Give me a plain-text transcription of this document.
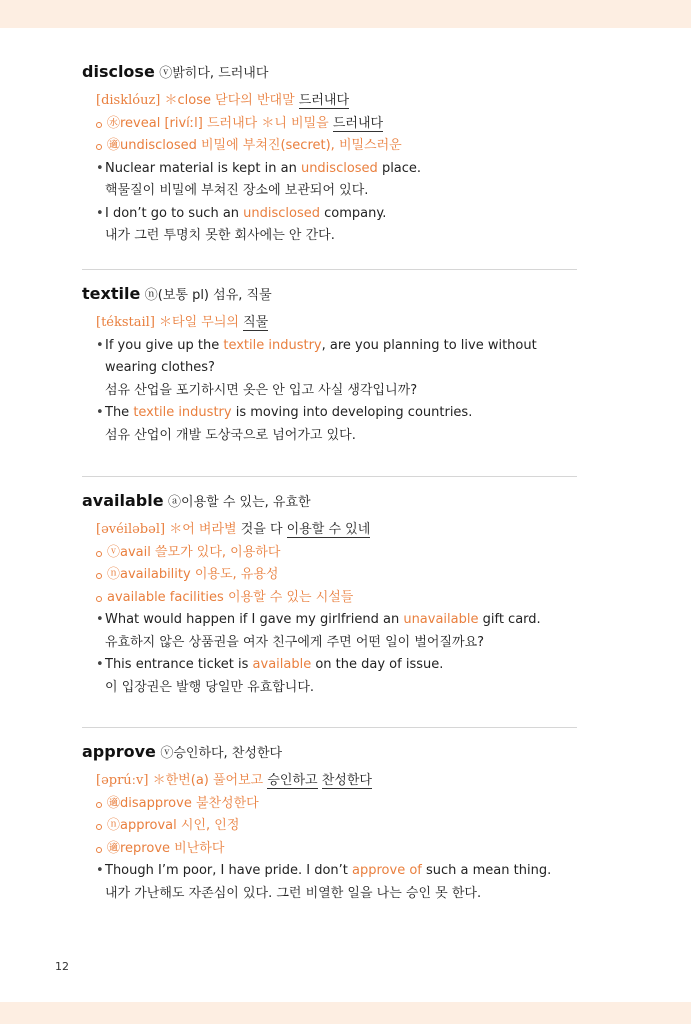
disclose ⓥ밝히다, 드러내다
[disklóuz] ＊close 닫다의 반대말 드러내다
㊌reveal [rivíːl] 드러내다 ＊니 비밀을 드러내다
㊜undisclosed 비밀에 부쳐진(secret), 비밀스러운
• Nuclear material is kept in an undisclosed place.
핵물질이 비밀에 부쳐진 장소에 보관되어 있다.
• I don’t go to such an undisclosed company.
내가 그런 투명치 못한 회사에는 안 간다.
textile ⓝ(보통 pl) 섬유, 직물
[tékstail] ＊타일 무늬의 직물
• If you give up the textile industry, are you planning to live without
wearing clothes?
섬유 산업을 포기하시면 옷은 안 입고 사실 생각입니까?
• The textile industry is moving into developing countries.
섬유 산업이 개발 도상국으로 넘어가고 있다.
available ⓐ이용할 수 있는, 유효한
[əvéiləbəl] ＊어 벼라별 것을 다 이용할 수 있네
ⓥavail 쓸모가 있다, 이용하다
ⓝavailability 이용도, 유용성
available facilities 이용할 수 있는 시설들
• What would happen if I gave my girlfriend an unavailable gift card.
유효하지 않은 상품권을 여자 친구에게 주면 어떤 일이 벌어질까요?
• This entrance ticket is available on the day of issue.
이 입장권은 발행 당일만 유효합니다.
approve ⓥ승인하다, 찬성한다
[əprúːv] ＊한번(a) 풀어보고 승인하고 찬성한다
㊜disapprove 불찬성한다
ⓝapproval 시인, 인정
㊜reprove 비난하다
• Though I’m poor, I have pride. I don’t approve of such a mean thing.
내가 가난해도 자존심이 있다. 그런 비열한 일을 나는 승인 못 한다.
12
